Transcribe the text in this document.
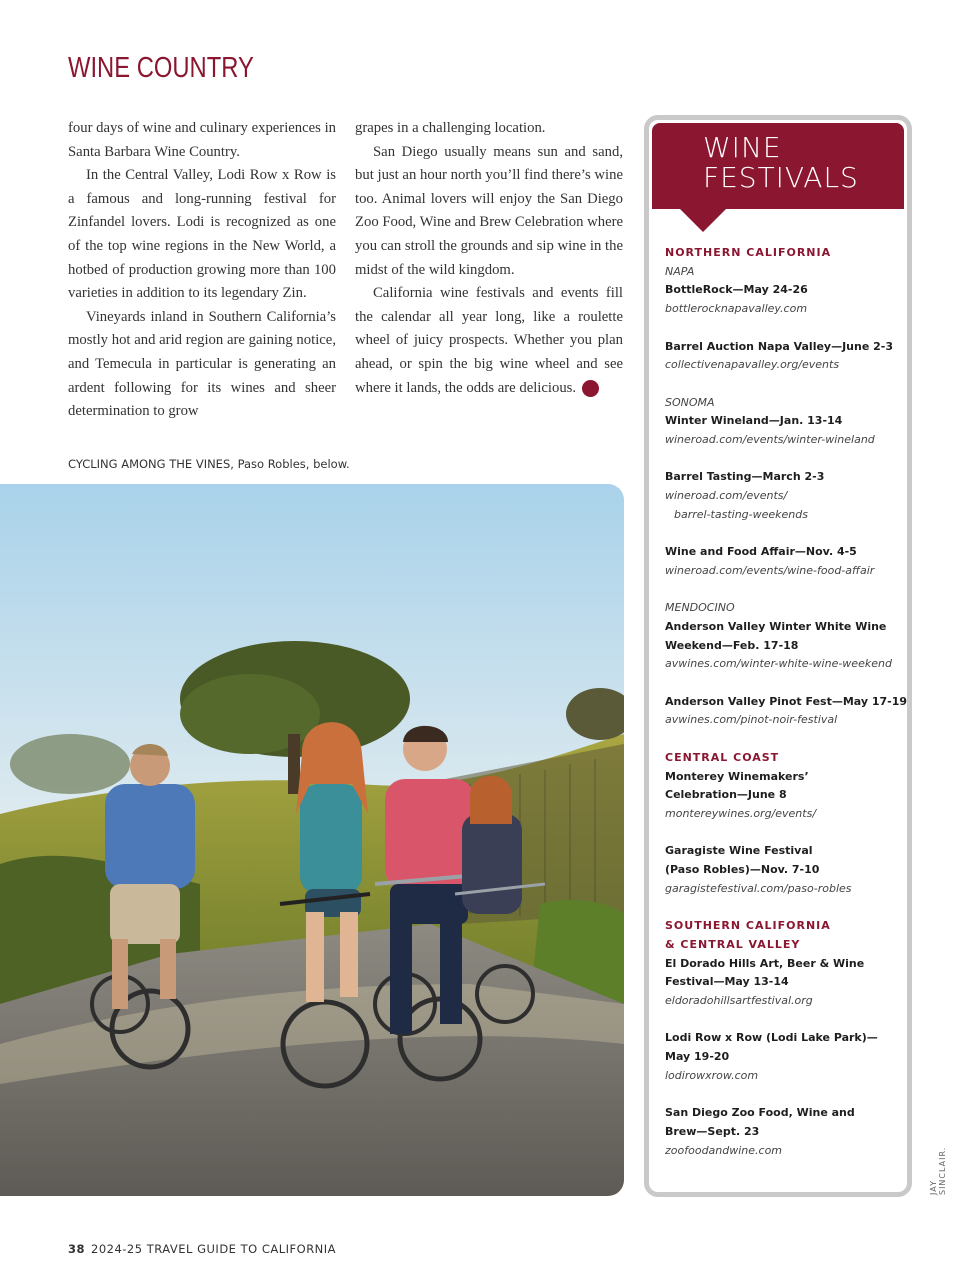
WINE COUNTRY

four days of wine and culinary experiences in Santa Barbara Wine Country.

In the Central Valley, Lodi Row x Row is a famous and long-running festival for Zinfandel lovers. Lodi is recognized as one of the top wine regions in the New World, a hotbed of production growing more than 100 varieties in addition to its legendary Zin.

Vineyards inland in Southern California’s mostly hot and arid region are gaining notice, and Temecula in particular is generating an ardent following for its wines and sheer determination to grow

grapes in a challenging location.

San Diego usually means sun and sand, but just an hour north you’ll find there’s wine too. Animal lovers will enjoy the San Diego Zoo Food, Wine and Brew Celebration where you can stroll the grounds and sip wine in the midst of the wild kingdom.

California wine festivals and events fill the calendar all year long, like a roulette wheel of juicy prospects. Whether you plan ahead, or spin the big wine wheel and see where it lands, the odds are delicious.	CA

CYCLING AMONG THE VINES, Paso Robles, below.
WINE
FESTIVALS
NORTHERN CALIFORNIA
NAPA
BottleRock—May 24-26
bottlerocknapavalley.com
Barrel Auction Napa Valley—June 2-3
collectivenapavalley.org/events
SONOMA
Winter Wineland—Jan. 13-14
wineroad.com/events/winter-wineland
Barrel Tasting—March 2-3
wineroad.com/events/
barrel-tasting-weekends
Wine and Food Affair—Nov. 4-5
wineroad.com/events/wine-food-affair
MENDOCINO
Anderson Valley Winter White Wine
Weekend—Feb. 17-18
avwines.com/winter-white-wine-weekend
Anderson Valley Pinot Fest—May 17-19
avwines.com/pinot-noir-festival
CENTRAL COAST
Monterey Winemakers’
Celebration—June 8
montereywines.org/events/
Garagiste Wine Festival
(Paso Robles)—Nov. 7-10
garagistefestival.com/paso-robles
SOUTHERN CALIFORNIA
& CENTRAL VALLEY
El Dorado Hills Art, Beer & Wine
Festival—May 13-14
eldoradohillsartfestival.org
Lodi Row x Row (Lodi Lake Park)—
May 19-20
lodirowxrow.com
San Diego Zoo Food, Wine and
Brew—Sept. 23
zoofoodandwine.com
JAY SINCLAIR.
38 2024-25 TRAVEL GUIDE TO CALIFORNIA
